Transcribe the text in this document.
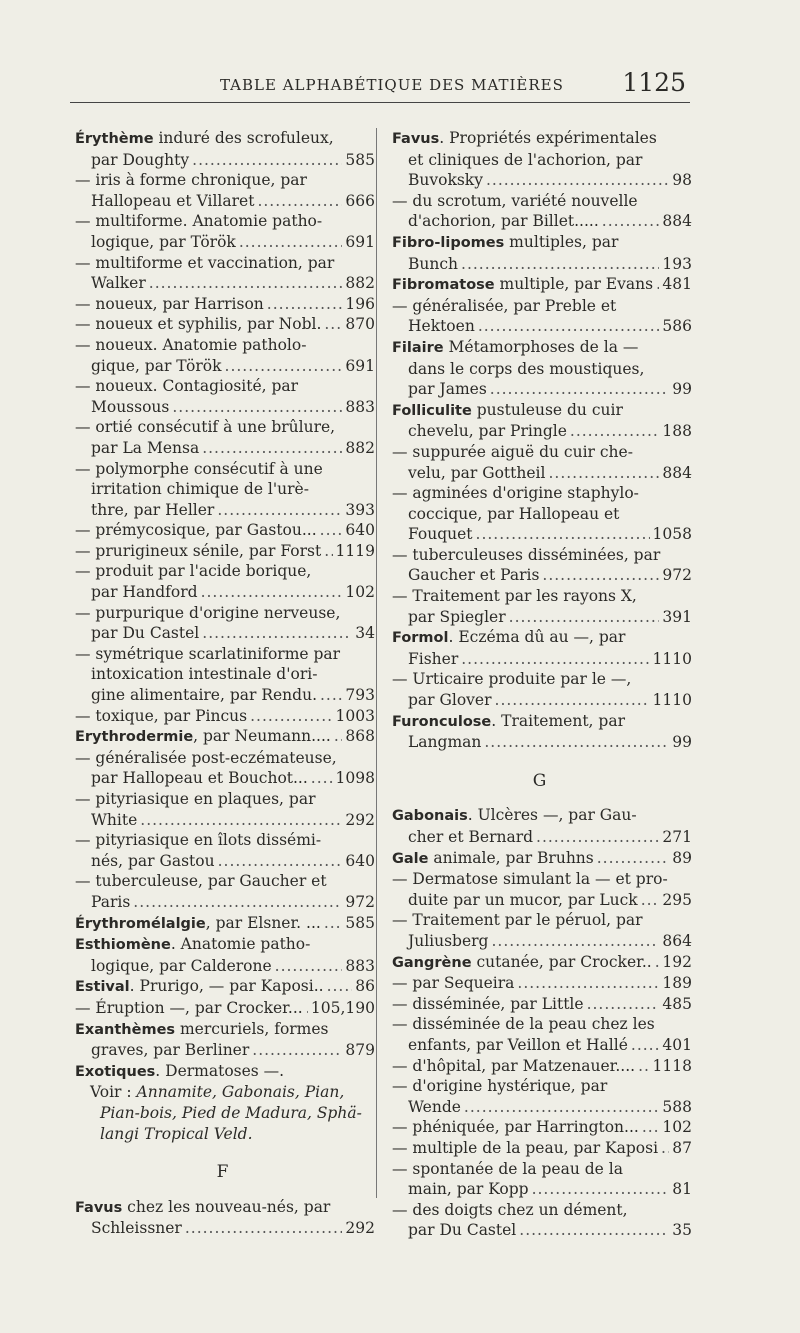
TABLE ALPHABÉTIQUE DES MATIÈRES 1125
Érythème induré des scrofuleux,
par Doughty .....	585
— iris à forme chronique, par
Hallopeau et Villaret .....	666
— multiforme. Anatomie patho-
logique, par Török .....	691
— multiforme et vaccination, par
Walker .....	882
— noueux, par Harrison .....	196
— noueux et syphilis, par Nobl. ..... 870
— noueux. Anatomie patholo-
gique, par Török .....	691
— noueux. Contagiosité, par
Moussous .....	883
— ortié consécutif à une brûlure,
par La Mensa .....	882
— polymorphe consécutif à une
irritation chimique de l'urè-
thre, par Heller .....	393
— prémycosique, par Gastou... ..... 640
— prurigineux sénile, par Forst ..... 1119
— produit par l'acide borique,
par Handford .....	102
— purpurique d'origine nerveuse,
par Du Castel .....	34
— symétrique scarlatiniforme par
intoxication intestinale d'ori-
gine alimentaire, par Rendu. ..... 793
— toxique, par Pincus .....	1003
Erythrodermie, par Neumann.... ..... 868
— généralisée post-eczémateuse,
par Hallopeau et Bouchot... ..... 1098
— pityriasique en plaques, par
White .....	292
— pityriasique en îlots dissémi-
nés, par Gastou .....	640
— tuberculeuse, par Gaucher et
Paris .....	972
Érythromélalgie, par Elsner. ... ..... 585
Esthiomène. Anatomie patho-
logique, par Calderone .....	883
Estival. Prurigo, — par Kaposi.. ..... 86
— Éruption —, par Crocker... ..... 105,190
Exanthèmes mercuriels, formes
graves, par Berliner .....	879
Exotiques. Dermatoses —.
Voir : Annamite, Gabonais, Pian,
Pian-bois, Pied de Madura, Sphä-
langi Tropical Veld.
F
Favus chez les nouveau-nés, par
Schleissner .....	292
Favus. Propriétés expérimentales
et cliniques de l'achorion, par
Buvoksky .....	98
— du scrotum, variété nouvelle
d'achorion, par Billet..... .....	884
Fibro-lipomes multiples, par
Bunch .....	193
Fibromatose multiple, par Evans ..... 481
— généralisée, par Preble et
Hektoen .....	586
Filaire Métamorphoses de la —
dans le corps des moustiques,
par James .....	99
Folliculite pustuleuse du cuir
chevelu, par Pringle .....	188
— suppurée aiguë du cuir che-
velu, par Gottheil .....	884
— agminées d'origine staphylo-
coccique, par Hallopeau et
Fouquet .....	1058
— tuberculeuses disséminées, par
Gaucher et Paris .....	972
— Traitement par les rayons X,
par Spiegler .....	391
Formol. Eczéma dû au —, par
Fisher .....	1110
— Urticaire produite par le —,
par Glover .....	1110
Furonculose. Traitement, par
Langman .....	99
G
Gabonais. Ulcères —, par Gau-
cher et Bernard .....	271
Gale animale, par Bruhns .....	89
— Dermatose simulant la — et pro-
duite par un mucor, par Luck ..... 295
— Traitement par le péruol, par
Juliusberg .....	864
Gangrène cutanée, par Crocker.. ..... 192
— par Sequeira .....	189
— disséminée, par Little .....	485
— disséminée de la peau chez les
enfants, par Veillon et Hallé ..... 401
— d'hôpital, par Matzenauer.... ..... 1118
— d'origine hystérique, par
Wende .....	588
— phéniquée, par Harrington... ..... 102
— multiple de la peau, par Kaposi ..... 87
— spontanée de la peau de la
main, par Kopp .....	81
— des doigts chez un dément,
par Du Castel .....	35
